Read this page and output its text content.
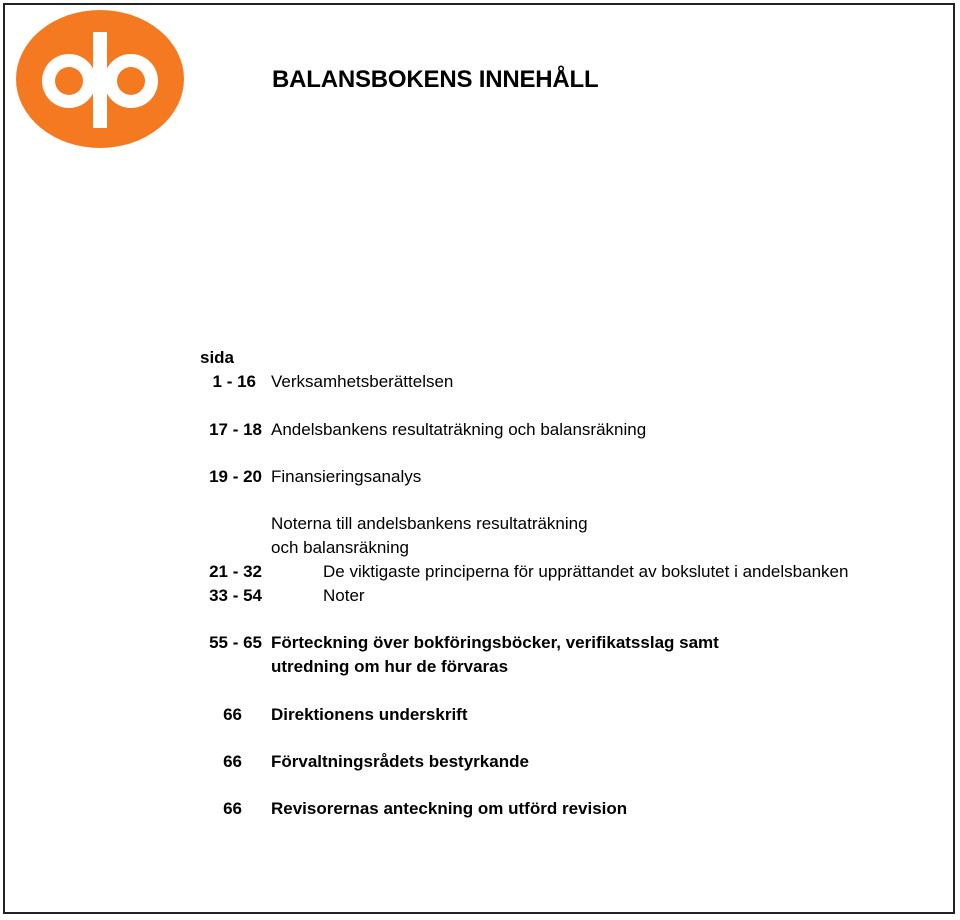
BALANSBOKENS INNEHÅLL
sida
1 - 16 Verksamhetsberättelsen
17 - 18 Andelsbankens resultaträkning och balansräkning
19 - 20 Finansieringsanalys
Noterna till andelsbankens resultaträkning
och balansräkning
21 - 32	De viktigaste principerna för upprättandet av bokslutet i andelsbanken
33 - 54	Noter
55 - 65 Förteckning över bokföringsböcker, verifikatsslag samt
utredning om hur de förvaras
66 Direktionens underskrift
66 Förvaltningsrådets bestyrkande
66 Revisorernas anteckning om utförd revision
